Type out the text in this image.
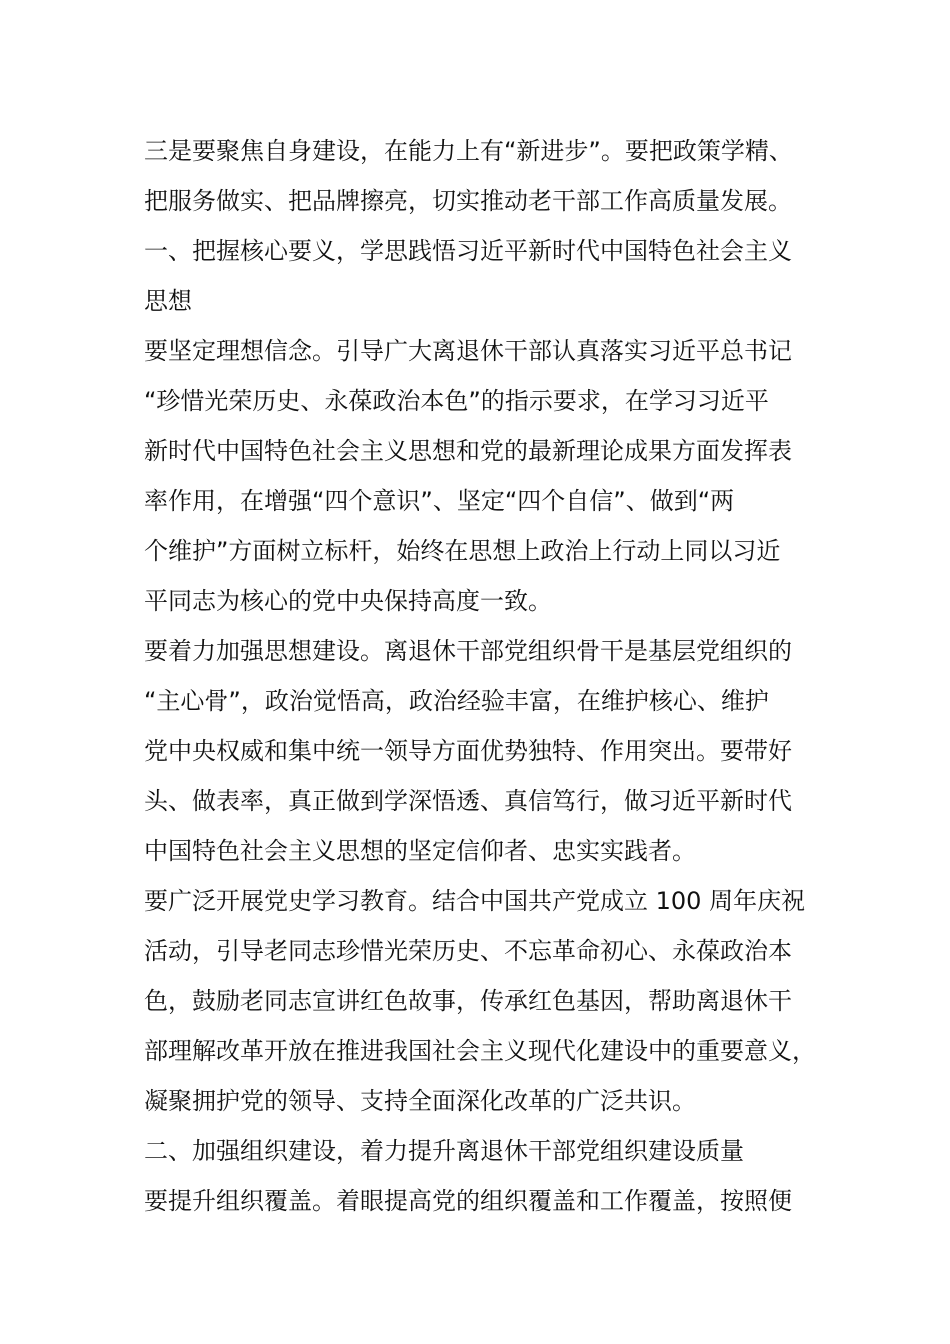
三是要聚焦自身建设，在能力上有“新进步”。要把政策学精、
把服务做实、把品牌擦亮，切实推动老干部工作高质量发展。
一、把握核心要义，学思践悟习近平新时代中国特色社会主义
思想
要坚定理想信念。引导广大离退休干部认真落实习近平总书记
“珍惜光荣历史、永葆政治本色”的指示要求，在学习习近平
新时代中国特色社会主义思想和党的最新理论成果方面发挥表
率作用，在增强“四个意识”、坚定“四个自信”、做到“两
个维护”方面树立标杆，始终在思想上政治上行动上同以习近
平同志为核心的党中央保持高度一致。
要着力加强思想建设。离退休干部党组织骨干是基层党组织的
“主心骨”，政治觉悟高，政治经验丰富，在维护核心、维护
党中央权威和集中统一领导方面优势独特、作用突出。要带好
头、做表率，真正做到学深悟透、真信笃行，做习近平新时代
中国特色社会主义思想的坚定信仰者、忠实实践者。
要广泛开展党史学习教育。结合中国共产党成立 100 周年庆祝
活动，引导老同志珍惜光荣历史、不忘革命初心、永葆政治本
色，鼓励老同志宣讲红色故事，传承红色基因，帮助离退休干
部理解改革开放在推进我国社会主义现代化建设中的重要意义，
凝聚拥护党的领导、支持全面深化改革的广泛共识。
二、加强组织建设，着力提升离退休干部党组织建设质量
要提升组织覆盖。着眼提高党的组织覆盖和工作覆盖，按照便
